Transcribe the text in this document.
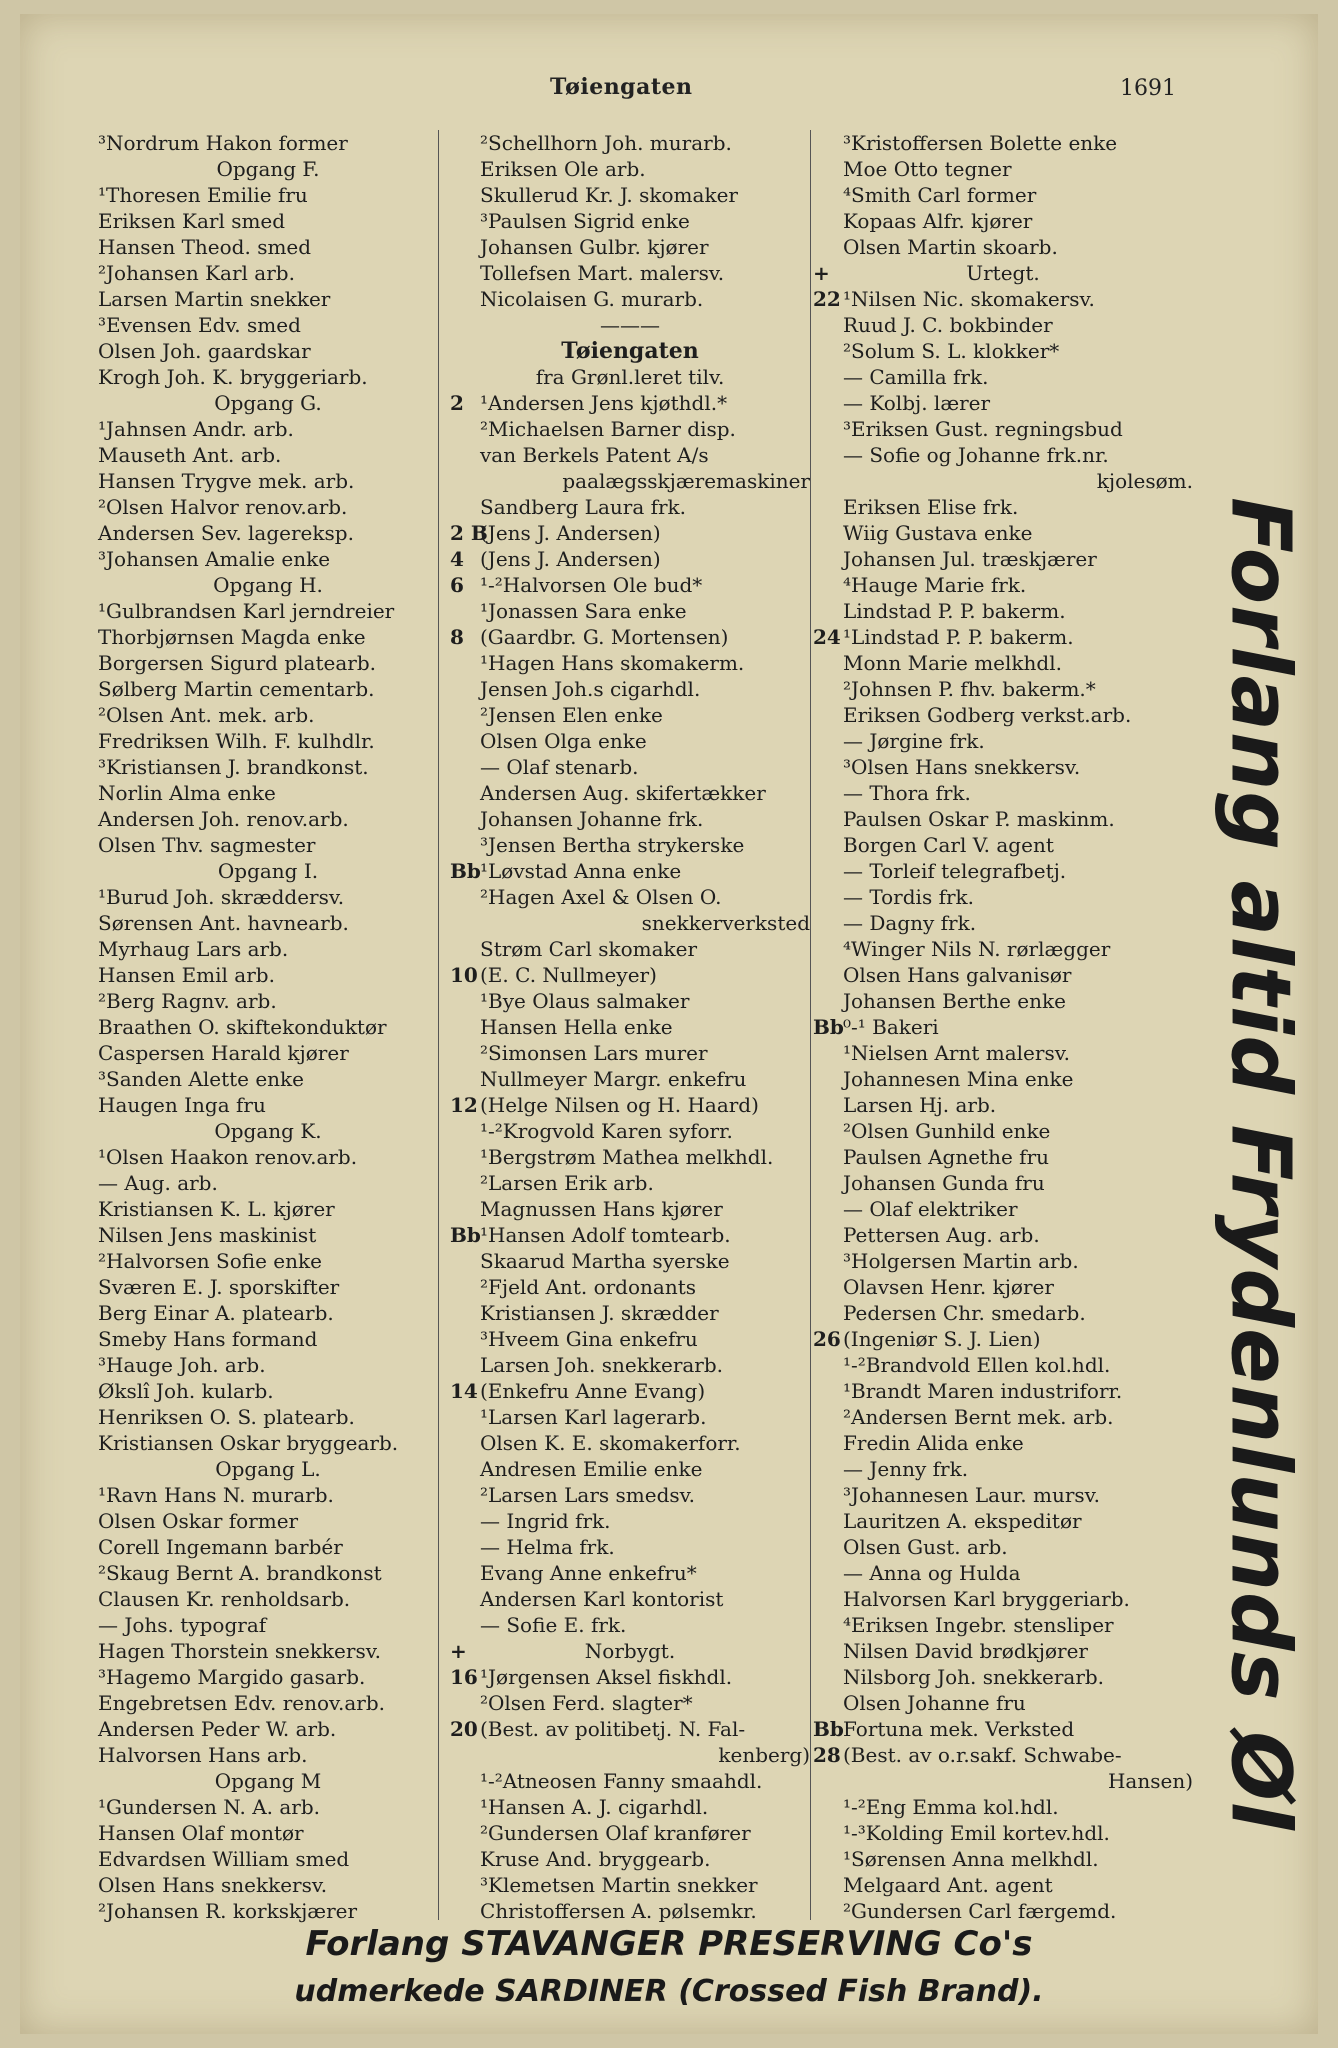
Tøiengaten	1691
³Nordrum Hakon former
Opgang F.
¹Thoresen Emilie fru
Eriksen Karl smed
Hansen Theod. smed
²Johansen Karl arb.
Larsen Martin snekker
³Evensen Edv. smed
Olsen Joh. gaardskar
Krogh Joh. K. bryggeriarb.
Opgang G.
¹Jahnsen Andr. arb.
Mauseth Ant. arb.
Hansen Trygve mek. arb.
²Olsen Halvor renov.arb.
Andersen Sev. lagereksp.
³Johansen Amalie enke
Opgang H.
¹Gulbrandsen Karl jerndreier
Thorbjørnsen Magda enke
Borgersen Sigurd platearb.
Sølberg Martin cementarb.
²Olsen Ant. mek. arb.
Fredriksen Wilh. F. kulhdlr.
³Kristiansen J. brandkonst.
Norlin Alma enke
Andersen Joh. renov.arb.
Olsen Thv. sagmester
Opgang I.
¹Burud Joh. skræddersv.
Sørensen Ant. havnearb.
Myrhaug Lars arb.
Hansen Emil arb.
²Berg Ragnv. arb.
Braathen O. skiftekonduktør
Caspersen Harald kjører
³Sanden Alette enke
Haugen Inga fru
Opgang K.
¹Olsen Haakon renov.arb.
— Aug. arb.
Kristiansen K. L. kjører
Nilsen Jens maskinist
²Halvorsen Sofie enke
Sværen E. J. sporskifter
Berg Einar A. platearb.
Smeby Hans formand
³Hauge Joh. arb.
Økslî Joh. kularb.
Henriksen O. S. platearb.
Kristiansen Oskar bryggearb.
Opgang L.
¹Ravn Hans N. murarb.
Olsen Oskar former
Corell Ingemann barbér
²Skaug Bernt A. brandkonst
Clausen Kr. renholdsarb.
— Johs. typograf
Hagen Thorstein snekkersv.
³Hagemo Margido gasarb.
Engebretsen Edv. renov.arb.
Andersen Peder W. arb.
Halvorsen Hans arb.
Opgang M
¹Gundersen N. A. arb.
Hansen Olaf montør
Edvardsen William smed
Olsen Hans snekkersv.
²Johansen R. korkskjærer
²Schellhorn Joh. murarb.
Eriksen Ole arb.
Skullerud Kr. J. skomaker
³Paulsen Sigrid enke
Johansen Gulbr. kjører
Tollefsen Mart. malersv.
Nicolaisen G. murarb.
———
Tøiengaten
fra Grønl.leret tilv.
2 ¹Andersen Jens kjøthdl.*
²Michaelsen Barner disp.
van Berkels Patent A/s
paalægsskjæremaskiner
Sandberg Laura frk.
2 B
(Jens J. Andersen)
4 (Jens J. Andersen)
6 ¹-²Halvorsen Ole bud*
¹Jonassen Sara enke
8 (Gaardbr. G. Mortensen)
¹Hagen Hans skomakerm.
Jensen Joh.s cigarhdl.
²Jensen Elen enke
Olsen Olga enke
— Olaf stenarb.
Andersen Aug. skifertækker
Johansen Johanne frk.
³Jensen Bertha strykerske
Bb ¹Løvstad Anna enke
²Hagen Axel & Olsen O.
snekkerverksted
Strøm Carl skomaker
10 (E. C. Nullmeyer)
¹Bye Olaus salmaker
Hansen Hella enke
²Simonsen Lars murer
Nullmeyer Margr. enkefru
12 (Helge Nilsen og H. Haard)
¹-²Krogvold Karen syforr.
¹Bergstrøm Mathea melkhdl.
²Larsen Erik arb.
Magnussen Hans kjører
Bb ¹Hansen Adolf tomtearb.
Skaarud Martha syerske
²Fjeld Ant. ordonants
Kristiansen J. skrædder
³Hveem Gina enkefru
Larsen Joh. snekkerarb.
14 (Enkefru Anne Evang)
¹Larsen Karl lagerarb.
Olsen K. E. skomakerforr.
Andresen Emilie enke
²Larsen Lars smedsv.
— Ingrid frk.
— Helma frk.
Evang Anne enkefru*
Andersen Karl kontorist
— Sofie E. frk.
+	Norbygt.
16 ¹Jørgensen Aksel fiskhdl.
²Olsen Ferd. slagter*
20 (Best. av politibetj. N. Fal-
kenberg)
¹-²Atneosen Fanny smaahdl.
¹Hansen A. J. cigarhdl.
²Gundersen Olaf kranfører
Kruse And. bryggearb.
³Klemetsen Martin snekker
Christoffersen A. pølsemkr.
³Kristoffersen Bolette enke
Moe Otto tegner
⁴Smith Carl former
Kopaas Alfr. kjører
Olsen Martin skoarb.
+	Urtegt.
22 ¹Nilsen Nic. skomakersv.
Ruud J. C. bokbinder
²Solum S. L. klokker*
— Camilla frk.
— Kolbj. lærer
³Eriksen Gust. regningsbud
— Sofie og Johanne frk.nr.
kjolesøm.
Eriksen Elise frk.
Wiig Gustava enke
Johansen Jul. træskjærer
⁴Hauge Marie frk.
Lindstad P. P. bakerm.
24 ¹Lindstad P. P. bakerm.
Monn Marie melkhdl.
²Johnsen P. fhv. bakerm.*
Eriksen Godberg verkst.arb.
— Jørgine frk.
³Olsen Hans snekkersv.
— Thora frk.
Paulsen Oskar P. maskinm.
Borgen Carl V. agent
— Torleif telegrafbetj.
— Tordis frk.
— Dagny frk.
⁴Winger Nils N. rørlægger
Olsen Hans galvanisør
Johansen Berthe enke
Bb ⁰-¹ Bakeri
¹Nielsen Arnt malersv.
Johannesen Mina enke
Larsen Hj. arb.
²Olsen Gunhild enke
Paulsen Agnethe fru
Johansen Gunda fru
— Olaf elektriker
Pettersen Aug. arb.
³Holgersen Martin arb.
Olavsen Henr. kjører
Pedersen Chr. smedarb.
26 (Ingeniør S. J. Lien)
¹-²Brandvold Ellen kol.hdl.
¹Brandt Maren industriforr.
²Andersen Bernt mek. arb.
Fredin Alida enke
— Jenny frk.
³Johannesen Laur. mursv.
Lauritzen A. ekspeditør
Olsen Gust. arb.
— Anna og Hulda
Halvorsen Karl bryggeriarb.
⁴Eriksen Ingebr. stensliper
Nilsen David brødkjører
Nilsborg Joh. snekkerarb.
Olsen Johanne fru
Bb Fortuna mek. Verksted
28 (Best. av o.r.sakf. Schwabe-
Hansen)
¹-²Eng Emma kol.hdl.
¹-³Kolding Emil kortev.hdl.
¹Sørensen Anna melkhdl.
Melgaard Ant. agent
²Gundersen Carl færgemd.
Forlang altid Frydenlunds Øl
Forlang STAVANGER PRESERVING Co's
udmerkede SARDINER (Crossed Fish Brand).
